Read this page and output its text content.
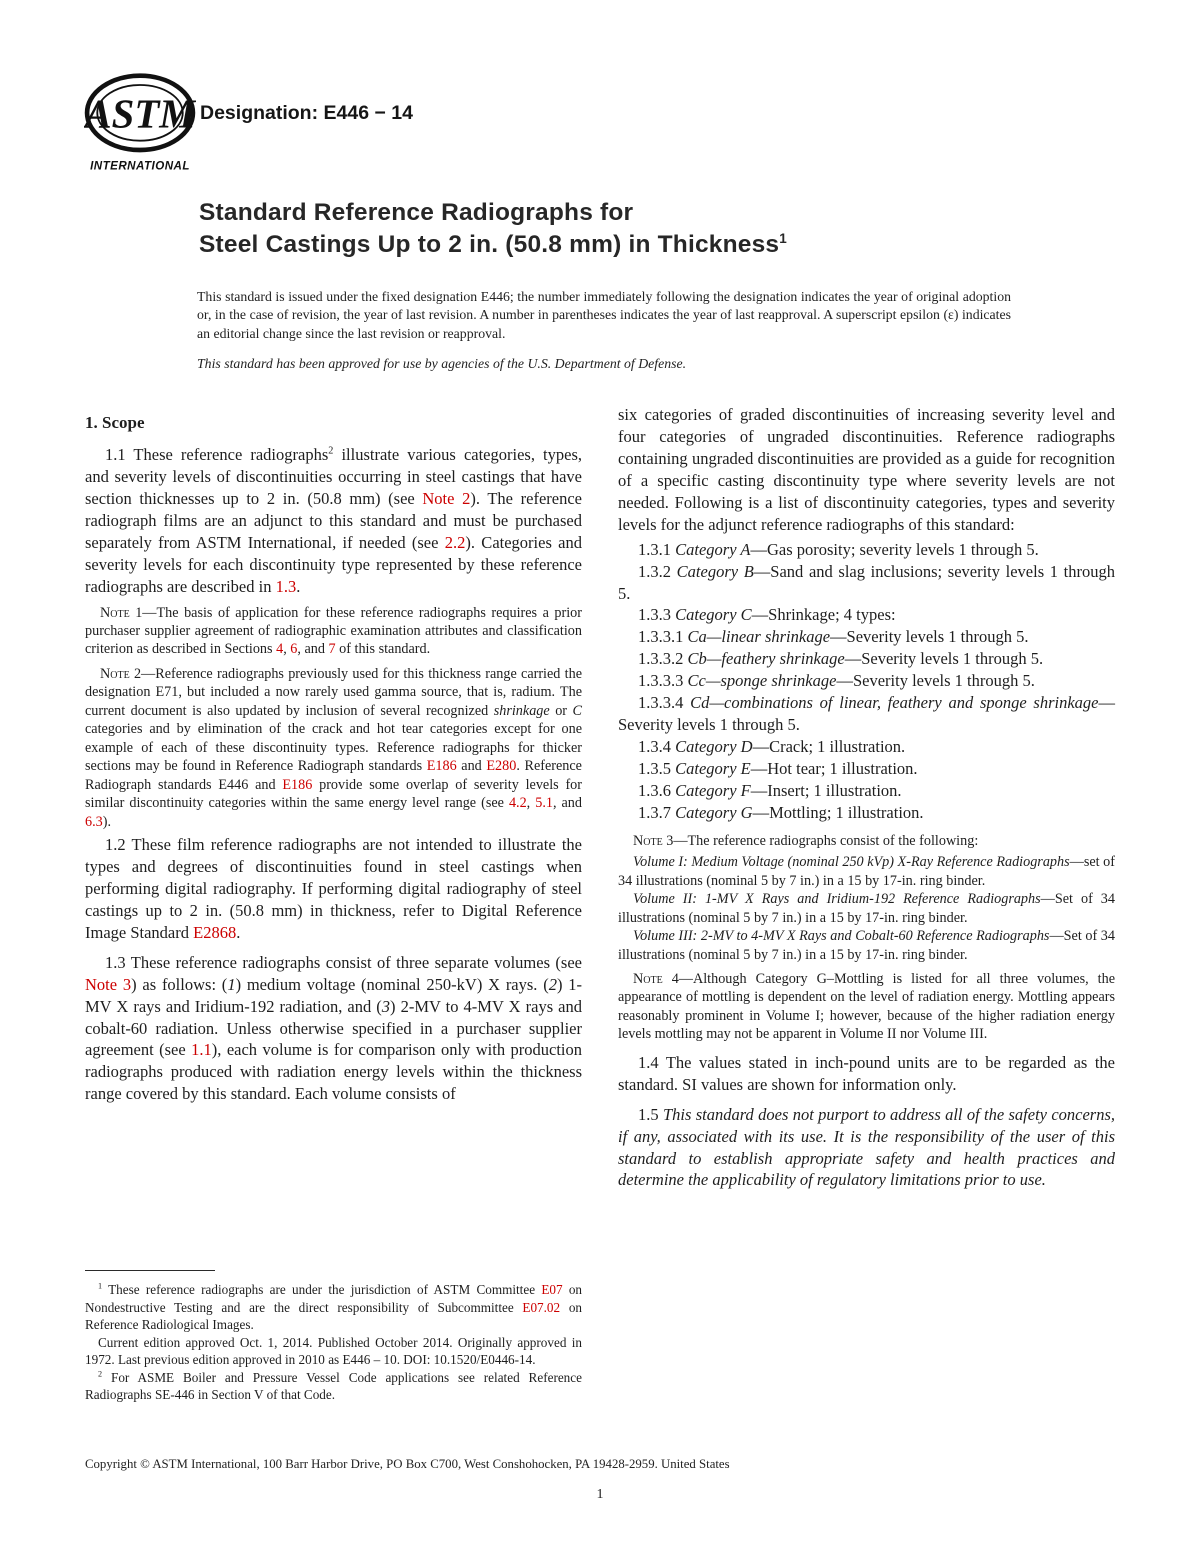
ASTM
INTERNATIONAL
Designation: E446 − 14
Standard Reference Radiographs for
Steel Castings Up to 2 in. (50.8 mm) in Thickness$^1$
This standard is issued under the fixed designation E446; the number immediately following the designation indicates the year of original adoption or, in the case of revision, the year of last revision. A number in parentheses indicates the year of last reapproval. A superscript epsilon (ε) indicates an editorial change since the last revision or reapproval.
This standard has been approved for use by agencies of the U.S. Department of Defense.
1. Scope

1.1 These reference radiographs$^2$ illustrate various categories, types, and severity levels of discontinuities occurring in steel castings that have section thicknesses up to 2 in. (50.8 mm) (see Note 2). The reference radiograph films are an adjunct to this standard and must be purchased separately from ASTM International, if needed (see 2.2). Categories and severity levels for each discontinuity type represented by these reference radiographs are described in 1.3.

Note 1—The basis of application for these reference radiographs requires a prior purchaser supplier agreement of radiographic examination attributes and classification criterion as described in Sections 4, 6, and 7 of this standard.

Note 2—Reference radiographs previously used for this thickness range carried the designation E71, but included a now rarely used gamma source, that is, radium. The current document is also updated by inclusion of several recognized shrinkage or C categories and by elimination of the crack and hot tear categories except for one example of each of these discontinuity types. Reference radiographs for thicker sections may be found in Reference Radiograph standards E186 and E280. Reference Radiograph standards E446 and E186 provide some overlap of severity levels for similar discontinuity categories within the same energy level range (see 4.2, 5.1, and 6.3).

1.2 These film reference radiographs are not intended to illustrate the types and degrees of discontinuities found in steel castings when performing digital radiography. If performing digital radiography of steel castings up to 2 in. (50.8 mm) in thickness, refer to Digital Reference Image Standard E2868.

1.3 These reference radiographs consist of three separate volumes (see Note 3) as follows: (1) medium voltage (nominal 250-kV) X rays. (2) 1-MV X rays and Iridium-192 radiation, and (3) 2-MV to 4-MV X rays and cobalt-60 radiation. Unless otherwise specified in a purchaser supplier agreement (see 1.1), each volume is for comparison only with production radiographs produced with radiation energy levels within the thickness range covered by this standard. Each volume consists of

$^1$ These reference radiographs are under the jurisdiction of ASTM Committee E07 on Nondestructive Testing and are the direct responsibility of Subcommittee E07.02 on Reference Radiological Images.

Current edition approved Oct. 1, 2014. Published October 2014. Originally approved in 1972. Last previous edition approved in 2010 as E446 – 10. DOI: 10.1520/E0446-14.

$^2$ For ASME Boiler and Pressure Vessel Code applications see related Reference Radiographs SE-446 in Section V of that Code.

six categories of graded discontinuities of increasing severity level and four categories of ungraded discontinuities. Reference radiographs containing ungraded discontinuities are provided as a guide for recognition of a specific casting discontinuity type where severity levels are not needed. Following is a list of discontinuity categories, types and severity levels for the adjunct reference radiographs of this standard:

1.3.1 Category A—Gas porosity; severity levels 1 through 5.

1.3.2 Category B—Sand and slag inclusions; severity levels 1 through 5.

1.3.3 Category C—Shrinkage; 4 types:

1.3.3.1 Ca—linear shrinkage—Severity levels 1 through 5.

1.3.3.2 Cb—feathery shrinkage—Severity levels 1 through 5.

1.3.3.3 Cc—sponge shrinkage—Severity levels 1 through 5.

1.3.3.4 Cd—combinations of linear, feathery and sponge shrinkage—Severity levels 1 through 5.

1.3.4 Category D—Crack; 1 illustration.

1.3.5 Category E—Hot tear; 1 illustration.

1.3.6 Category F—Insert; 1 illustration.

1.3.7 Category G—Mottling; 1 illustration.

Note 3—The reference radiographs consist of the following:

Volume I: Medium Voltage (nominal 250 kVp) X-Ray Reference Radiographs—set of 34 illustrations (nominal 5 by 7 in.) in a 15 by 17-in. ring binder.

Volume II: 1-MV X Rays and Iridium-192 Reference Radiographs—Set of 34 illustrations (nominal 5 by 7 in.) in a 15 by 17-in. ring binder.

Volume III: 2-MV to 4-MV X Rays and Cobalt-60 Reference Radiographs—Set of 34 illustrations (nominal 5 by 7 in.) in a 15 by 17-in. ring binder.

Note 4—Although Category G–Mottling is listed for all three volumes, the appearance of mottling is dependent on the level of radiation energy. Mottling appears reasonably prominent in Volume I; however, because of the higher radiation energy levels mottling may not be apparent in Volume II nor Volume III.

1.4 The values stated in inch-pound units are to be regarded as the standard. SI values are shown for information only.

1.5 This standard does not purport to address all of the safety concerns, if any, associated with its use. It is the responsibility of the user of this standard to establish appropriate safety and health practices and determine the applicability of regulatory limitations prior to use.

Copyright © ASTM International, 100 Barr Harbor Drive, PO Box C700, West Conshohocken, PA 19428-2959. United States
1
